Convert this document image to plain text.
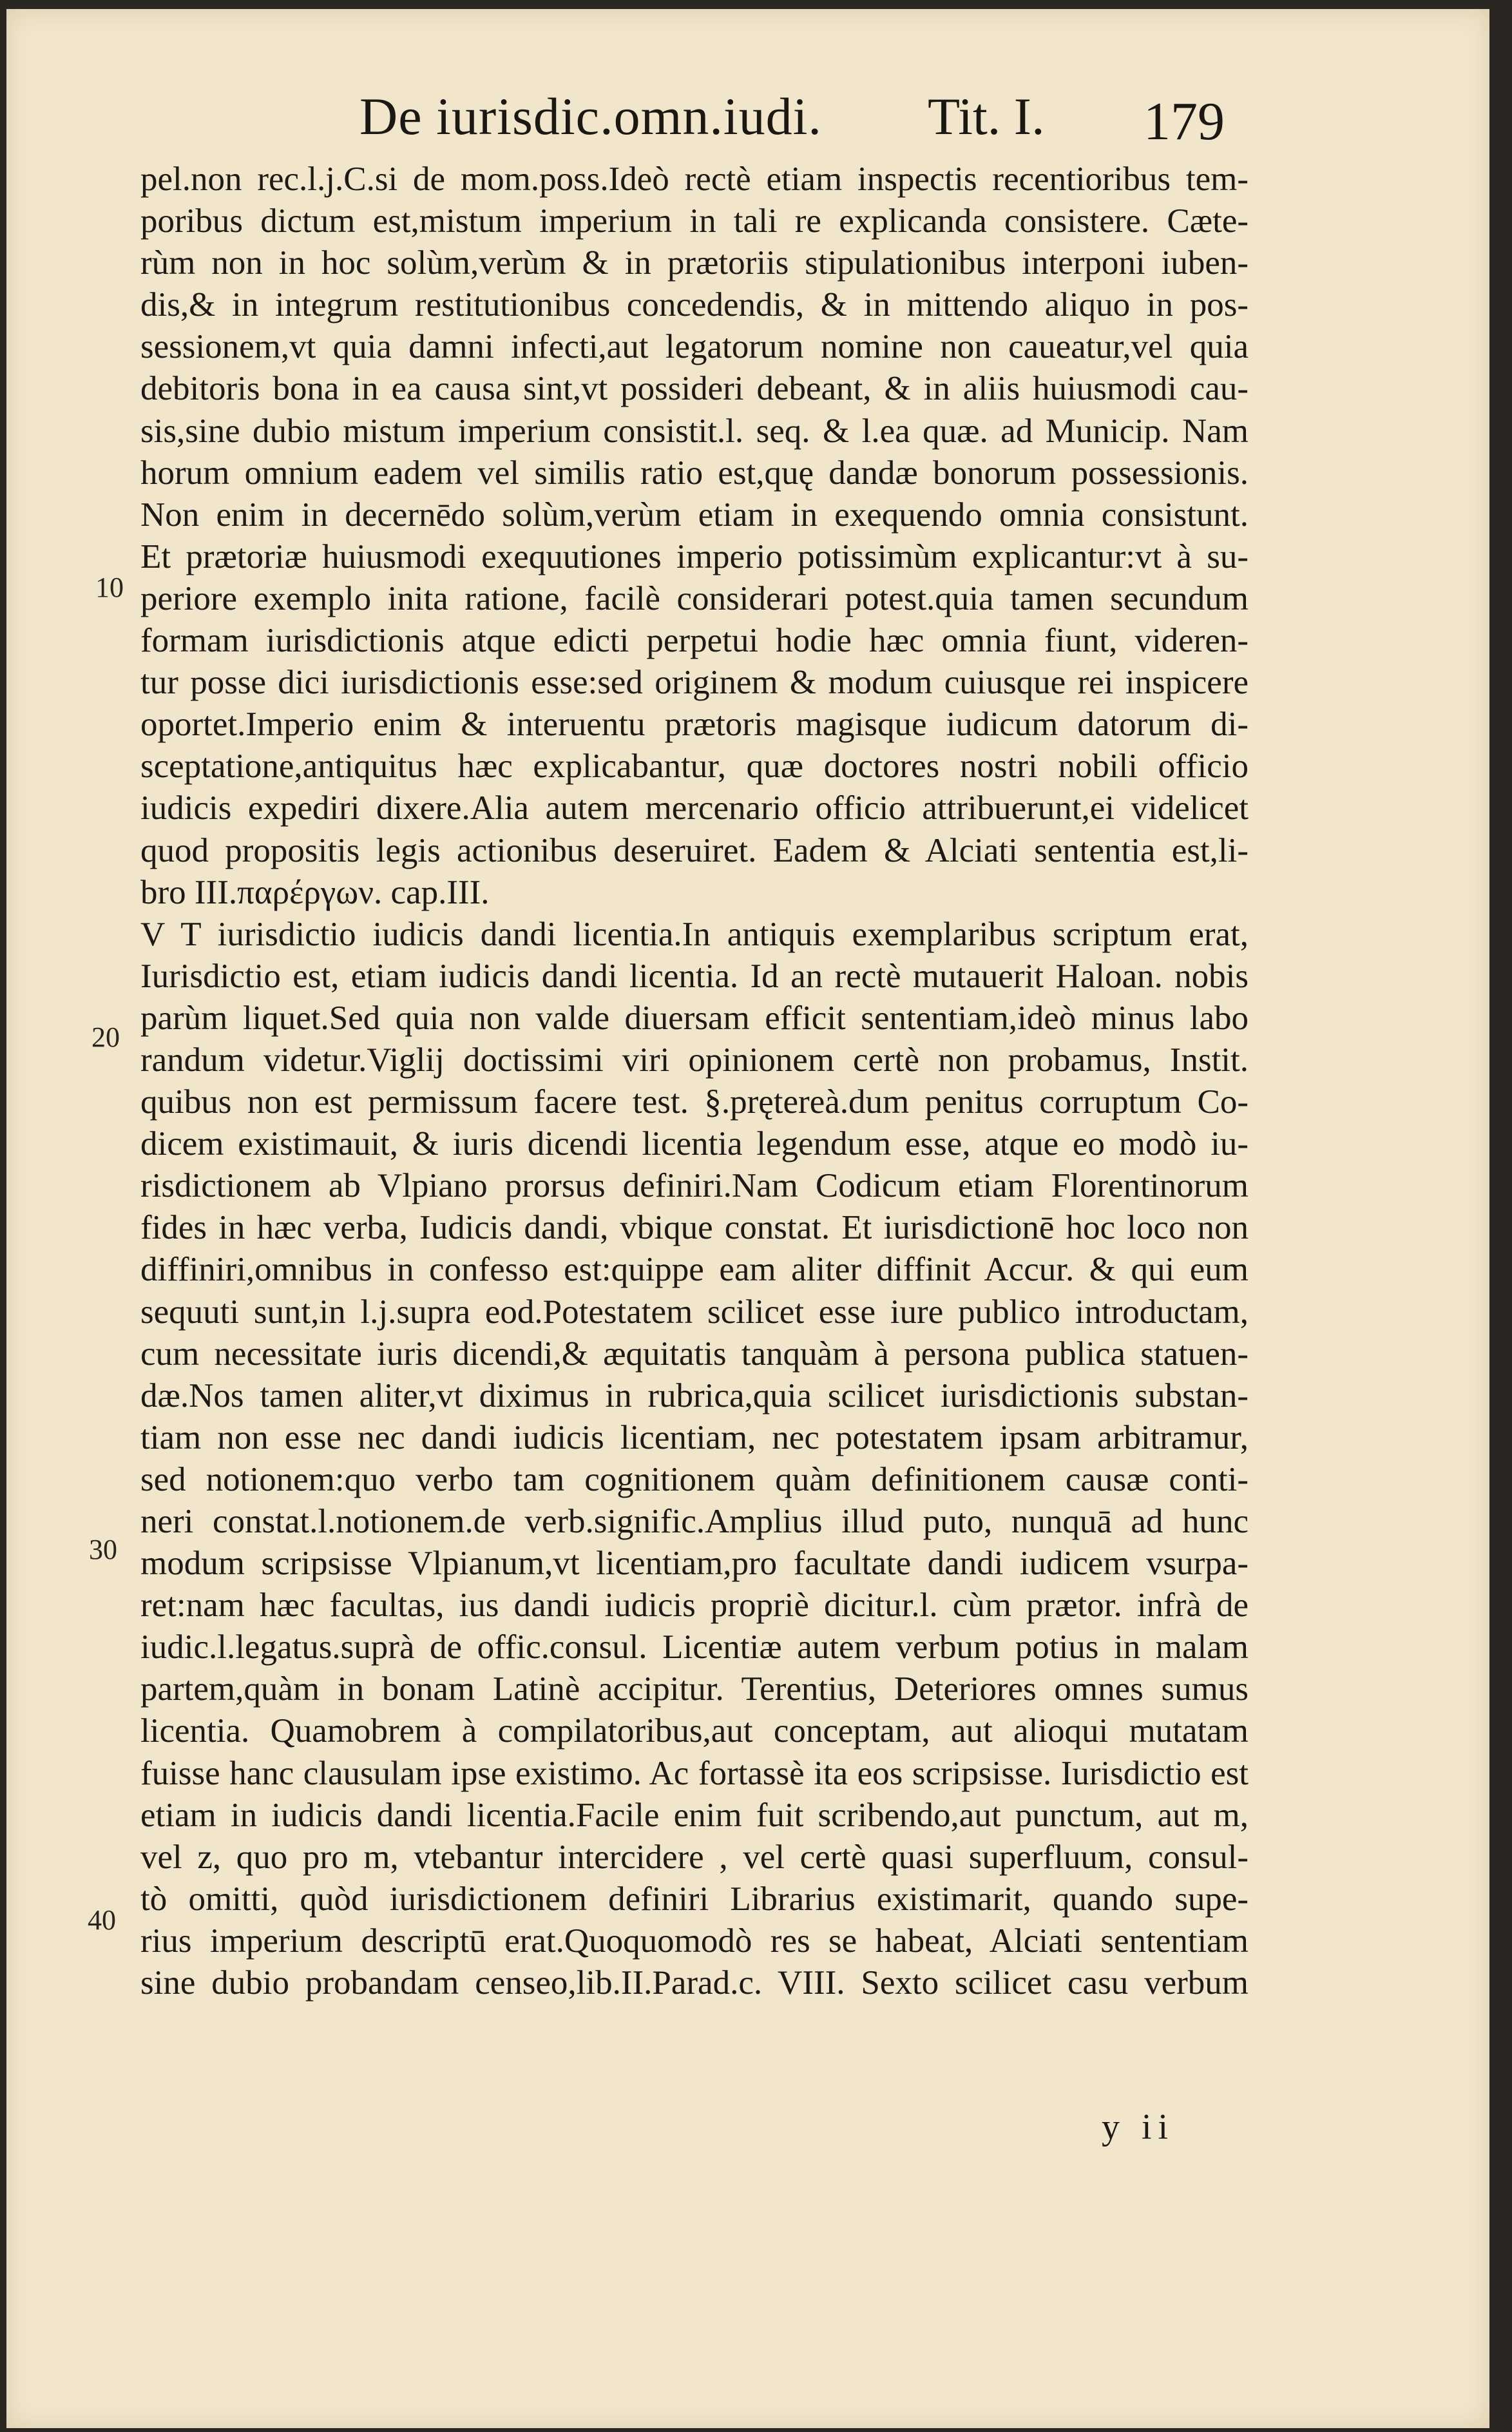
De iurisdic.omn.iudi. Tit. I. 179
10
20
30
40
pel.non rec.l.j.C.si de mom.poss.Ideò rectè etiam inspectis recentioribus tem-
poribus dictum est,mistum imperium in tali re explicanda consistere. Cæte-
rùm non in hoc solùm,verùm & in prætoriis stipulationibus interponi iuben-
dis,& in integrum restitutionibus concedendis, & in mittendo aliquo in pos-
sessionem,vt quia damni infecti,aut legatorum nomine non caueatur,vel quia
debitoris bona in ea causa sint,vt possideri debeant, & in aliis huiusmodi cau-
sis,sine dubio mistum imperium consistit.l. seq. & l.ea quæ. ad Municip. Nam
horum omnium eadem vel similis ratio est,quę dandæ bonorum possessionis.
Non enim in decernēdo solùm,verùm etiam in exequendo omnia consistunt.
Et prætoriæ huiusmodi exequutiones imperio potissimùm explicantur:vt à su-
periore exemplo inita ratione, facilè considerari potest.quia tamen secundum
formam iurisdictionis atque edicti perpetui hodie hæc omnia fiunt, videren-
tur posse dici iurisdictionis esse:sed originem & modum cuiusque rei inspicere
oportet.Imperio enim & interuentu prætoris magisque iudicum datorum di-
sceptatione,antiquitus hæc explicabantur, quæ doctores nostri nobili officio
iudicis expediri dixere.Alia autem mercenario officio attribuerunt,ei videlicet
quod propositis legis actionibus deseruiret. Eadem & Alciati sententia est,li-
bro III.παρέργων. cap.III.
V T iurisdictio iudicis dandi licentia.In antiquis exemplaribus scriptum erat,
Iurisdictio est, etiam iudicis dandi licentia. Id an rectè mutauerit Haloan. nobis
parùm liquet.Sed quia non valde diuersam efficit sententiam,ideò minus labo
randum videtur.Viglij doctissimi viri opinionem certè non probamus, Instit.
quibus non est permissum facere test. §.prętereà.dum penitus corruptum Co-
dicem existimauit, & iuris dicendi licentia legendum esse, atque eo modò iu-
risdictionem ab Vlpiano prorsus definiri.Nam Codicum etiam Florentinorum
fides in hæc verba, Iudicis dandi, vbique constat. Et iurisdictionē hoc loco non
diffiniri,omnibus in confesso est:quippe eam aliter diffinit Accur. & qui eum
sequuti sunt,in l.j.supra eod.Potestatem scilicet esse iure publico introductam,
cum necessitate iuris dicendi,& æquitatis tanquàm à persona publica statuen-
dæ.Nos tamen aliter,vt diximus in rubrica,quia scilicet iurisdictionis substan-
tiam non esse nec dandi iudicis licentiam, nec potestatem ipsam arbitramur,
sed notionem:quo verbo tam cognitionem quàm definitionem causæ conti-
neri constat.l.notionem.de verb.signific.Amplius illud puto, nunquā ad hunc
modum scripsisse Vlpianum,vt licentiam,pro facultate dandi iudicem vsurpa-
ret:nam hæc facultas, ius dandi iudicis propriè dicitur.l. cùm prætor. infrà de
iudic.l.legatus.suprà de offic.consul. Licentiæ autem verbum potius in malam
partem,quàm in bonam Latinè accipitur. Terentius, Deteriores omnes sumus
licentia. Quamobrem à compilatoribus,aut conceptam, aut alioqui mutatam
fuisse hanc clausulam ipse existimo. Ac fortassè ita eos scripsisse. Iurisdictio est
etiam in iudicis dandi licentia.Facile enim fuit scribendo,aut punctum, aut m,
vel z, quo pro m, vtebantur intercidere , vel certè quasi superfluum, consul-
tò omitti, quòd iurisdictionem definiri Librarius existimarit, quando supe-
rius imperium descriptū erat.Quoquomodò res se habeat, Alciati sententiam
sine dubio probandam censeo,lib.II.Parad.c. VIII. Sexto scilicet casu verbum
y ii
